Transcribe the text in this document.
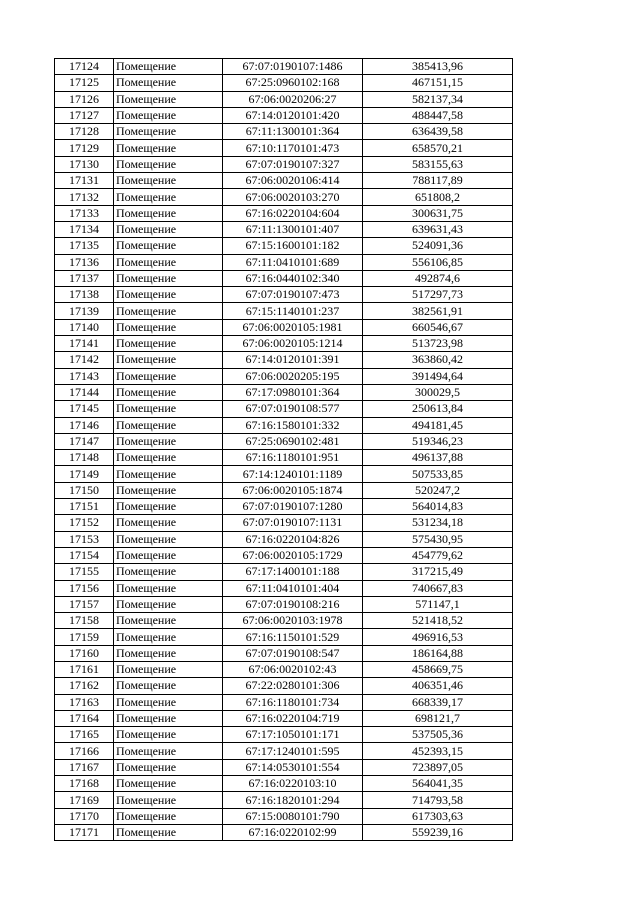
17124	Помещение	67:07:0190107:1486	385413,96
17125	Помещение	67:25:0960102:168	467151,15
17126	Помещение	67:06:0020206:27	582137,34
17127	Помещение	67:14:0120101:420	488447,58
17128	Помещение	67:11:1300101:364	636439,58
17129	Помещение	67:10:1170101:473	658570,21
17130	Помещение	67:07:0190107:327	583155,63
17131	Помещение	67:06:0020106:414	788117,89
17132	Помещение	67:06:0020103:270	651808,2
17133	Помещение	67:16:0220104:604	300631,75
17134	Помещение	67:11:1300101:407	639631,43
17135	Помещение	67:15:1600101:182	524091,36
17136	Помещение	67:11:0410101:689	556106,85
17137	Помещение	67:16:0440102:340	492874,6
17138	Помещение	67:07:0190107:473	517297,73
17139	Помещение	67:15:1140101:237	382561,91
17140	Помещение	67:06:0020105:1981	660546,67
17141	Помещение	67:06:0020105:1214	513723,98
17142	Помещение	67:14:0120101:391	363860,42
17143	Помещение	67:06:0020205:195	391494,64
17144	Помещение	67:17:0980101:364	300029,5
17145	Помещение	67:07:0190108:577	250613,84
17146	Помещение	67:16:1580101:332	494181,45
17147	Помещение	67:25:0690102:481	519346,23
17148	Помещение	67:16:1180101:951	496137,88
17149	Помещение	67:14:1240101:1189	507533,85
17150	Помещение	67:06:0020105:1874	520247,2
17151	Помещение	67:07:0190107:1280	564014,83
17152	Помещение	67:07:0190107:1131	531234,18
17153	Помещение	67:16:0220104:826	575430,95
17154	Помещение	67:06:0020105:1729	454779,62
17155	Помещение	67:17:1400101:188	317215,49
17156	Помещение	67:11:0410101:404	740667,83
17157	Помещение	67:07:0190108:216	571147,1
17158	Помещение	67:06:0020103:1978	521418,52
17159	Помещение	67:16:1150101:529	496916,53
17160	Помещение	67:07:0190108:547	186164,88
17161	Помещение	67:06:0020102:43	458669,75
17162	Помещение	67:22:0280101:306	406351,46
17163	Помещение	67:16:1180101:734	668339,17
17164	Помещение	67:16:0220104:719	698121,7
17165	Помещение	67:17:1050101:171	537505,36
17166	Помещение	67:17:1240101:595	452393,15
17167	Помещение	67:14:0530101:554	723897,05
17168	Помещение	67:16:0220103:10	564041,35
17169	Помещение	67:16:1820101:294	714793,58
17170	Помещение	67:15:0080101:790	617303,63
17171	Помещение	67:16:0220102:99	559239,16
